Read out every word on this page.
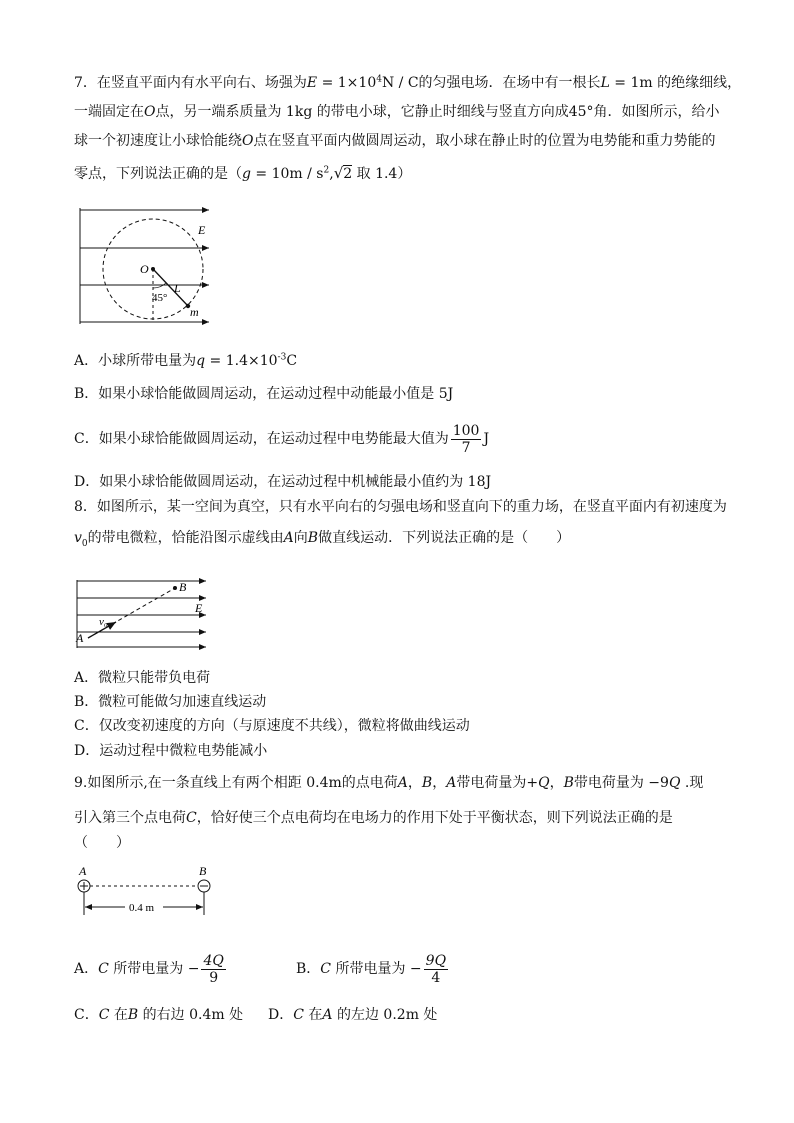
7．在竖直平面内有水平向右、场强为$E = 1\times 10^4N / C$的匀强电场．在场中有一根长L = 1m 的绝缘细线，
一端固定在O点，另一端系质量为 1kg 的带电小球，它静止时细线与竖直方向成45°角．如图所示，给小
球一个初速度让小球恰能绕O点在竖直平面内做圆周运动，取小球在静止时的位置为电势能和重力势能的
零点，下列说法正确的是（$g = 10m / s^2,√2$ 取 1.4）
E
O
L
45°
m
A．小球所带电量为$q = 1.4\times 10^{-3}C$
B．如果小球恰能做圆周运动，在运动过程中动能最小值是 5J
C．如果小球恰能做圆周运动，在运动过程中电势能最大值为 $\frac{100}{7}$ J
D．如果小球恰能做圆周运动，在运动过程中机械能最小值约为 18J
8．如图所示，某一空间为真空，只有水平向右的匀强电场和竖直向下的重力场，在竖直平面内有初速度为
$v_0$的带电微粒，恰能沿图示虚线由A向B做直线运动．下列说法正确的是（　　）
A
B
E
v₀
A．微粒只能带负电荷
B．微粒可能做匀加速直线运动
C．仅改变初速度的方向（与原速度不共线），微粒将做曲线运动
D．运动过程中微粒电势能减小
9.如图所示,在一条直线上有两个相距 0.4m的点电荷A，B，A带电荷量为+Q，B带电荷量为 −9Q .现
引入第三个点电荷C，恰好使三个点电荷均在电场力的作用下处于平衡状态，则下列说法正确的是
（　　）
A	B
0.4 m
A．C 所带电量为 − $\frac{4Q}{9}$	B．C 所带电量为 − $\frac{9Q}{4}$
C．C 在B 的右边 0.4m 处 D．C 在A 的左边 0.2m 处
